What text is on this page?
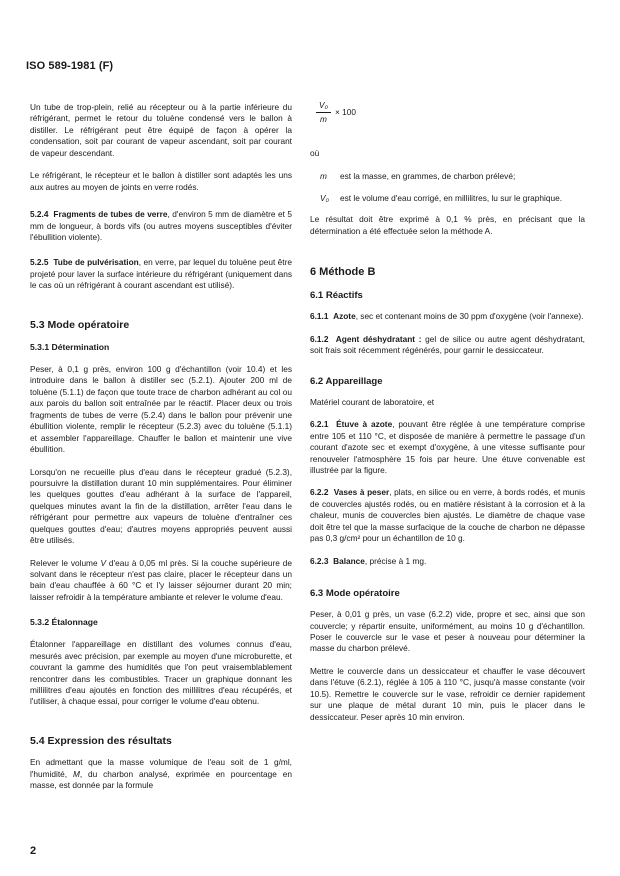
ISO 589-1981 (F)

Un tube de trop-plein, relié au récepteur ou à la partie inférieure du réfrigérant, permet le retour du toluène condensé vers le ballon à distiller. Le réfrigérant peut être équipé de façon à opérer la condensation, soit par courant de vapeur ascendant, soit par courant de vapeur descendant.

Le réfrigérant, le récepteur et le ballon à distiller sont adaptés les uns aux autres au moyen de joints en verre rodés.

5.2.4 Fragments de tubes de verre, d'environ 5 mm de diamètre et 5 mm de longueur, à bords vifs (ou autres moyens susceptibles d'éviter l'ébullition violente).

5.2.5 Tube de pulvérisation, en verre, par lequel du toluène peut être projeté pour laver la surface intérieure du réfrigérant (uniquement dans le cas où un réfrigérant à courant ascendant est utilisé).

5.3 Mode opératoire
5.3.1 Détermination

Peser, à 0,1 g près, environ 100 g d'échantillon (voir 10.4) et les introduire dans le ballon à distiller sec (5.2.1). Ajouter 200 ml de toluène (5.1.1) de façon que toute trace de charbon adhérant au col ou aux parois du ballon soit entraînée par le réactif. Placer deux ou trois fragments de tubes de verre (5.2.4) dans le ballon pour prévenir une ébullition violente, remplir le récepteur (5.2.3) avec du toluène (5.1.1) et assembler l'appareillage. Chauffer le ballon et maintenir une vive ébullition.

Lorsqu'on ne recueille plus d'eau dans le récepteur gradué (5.2.3), poursuivre la distillation durant 10 min supplémentaires. Pour éliminer les quelques gouttes d'eau adhérant à la surface de l'appareil, quelques minutes avant la fin de la distillation, arrêter l'eau dans le réfrigérant pour permettre aux vapeurs de toluène d'entraîner ces quelques gouttes d'eau; d'autres moyens appropriés peuvent aussi être utilisés.

Relever le volume V d'eau à 0,05 ml près. Si la couche supérieure de solvant dans le récepteur n'est pas claire, placer le récepteur dans un bain d'eau chauffée à 60 °C et l'y laisser séjourner durant 20 min; laisser refroidir à la température ambiante et relever le volume d'eau.

5.3.2 Étalonnage

Étalonner l'appareillage en distillant des volumes connus d'eau, mesurés avec précision, par exemple au moyen d'une microburette, et couvrant la gamme des humidités que l'on peut vraisemblablement rencontrer dans les combustibles. Tracer un graphique donnant les millilitres d'eau ajoutés en fonction des millilitres d'eau récupérés, et l'utiliser, à chaque essai, pour corriger le volume d'eau obtenu.

5.4 Expression des résultats

En admettant que la masse volumique de l'eau soit de 1 g/ml, l'humidité, M, du charbon analysé, exprimée en pourcentage en masse, est donnée par la formule

$\frac{\text{V₀}}{m} \times 100$
où
m	est la masse, en grammes, de charbon prélevé;
V₀	est le volume d'eau corrigé, en millilitres, lu sur le graphique.

Le résultat doit être exprimé à 0,1 % près, en précisant que la détermination a été effectuée selon la méthode A.

6 Méthode B
6.1 Réactifs

6.1.1 Azote, sec et contenant moins de 30 ppm d'oxygène (voir l'annexe).

6.1.2 Agent déshydratant : gel de silice ou autre agent déshydratant, soit frais soit récemment régénérés, pour garnir le dessiccateur.

6.2 Appareillage

Matériel courant de laboratoire, et

6.2.1 Étuve à azote, pouvant être réglée à une température comprise entre 105 et 110 °C, et disposée de manière à permettre le passage d'un courant d'azote sec et exempt d'oxygène, à une vitesse suffisante pour renouveler l'atmosphère 15 fois par heure. Une étuve convenable est illustrée par la figure.

6.2.2 Vases à peser, plats, en silice ou en verre, à bords rodés, et munis de couvercles ajustés rodés, ou en matière résistant à la corrosion et à la chaleur, munis de couvercles bien ajustés. Le diamètre de chaque vase doit être tel que la masse surfacique de la couche de charbon ne dépasse pas 0,3 g/cm² pour un échantillon de 10 g.

6.2.3 Balance, précise à 1 mg.

6.3 Mode opératoire

Peser, à 0,01 g près, un vase (6.2.2) vide, propre et sec, ainsi que son couvercle; y répartir ensuite, uniformément, au moins 10 g d'échantillon. Poser le couvercle sur le vase et peser à nouveau pour déterminer la masse du charbon prélevé.

Mettre le couvercle dans un dessiccateur et chauffer le vase découvert dans l'étuve (6.2.1), réglée à 105 à 110 °C, jusqu'à masse constante (voir 10.5). Remettre le couvercle sur le vase, refroidir ce dernier rapidement sur une plaque de métal durant 10 min, puis le placer dans le dessiccateur. Peser après 10 min environ.

2
